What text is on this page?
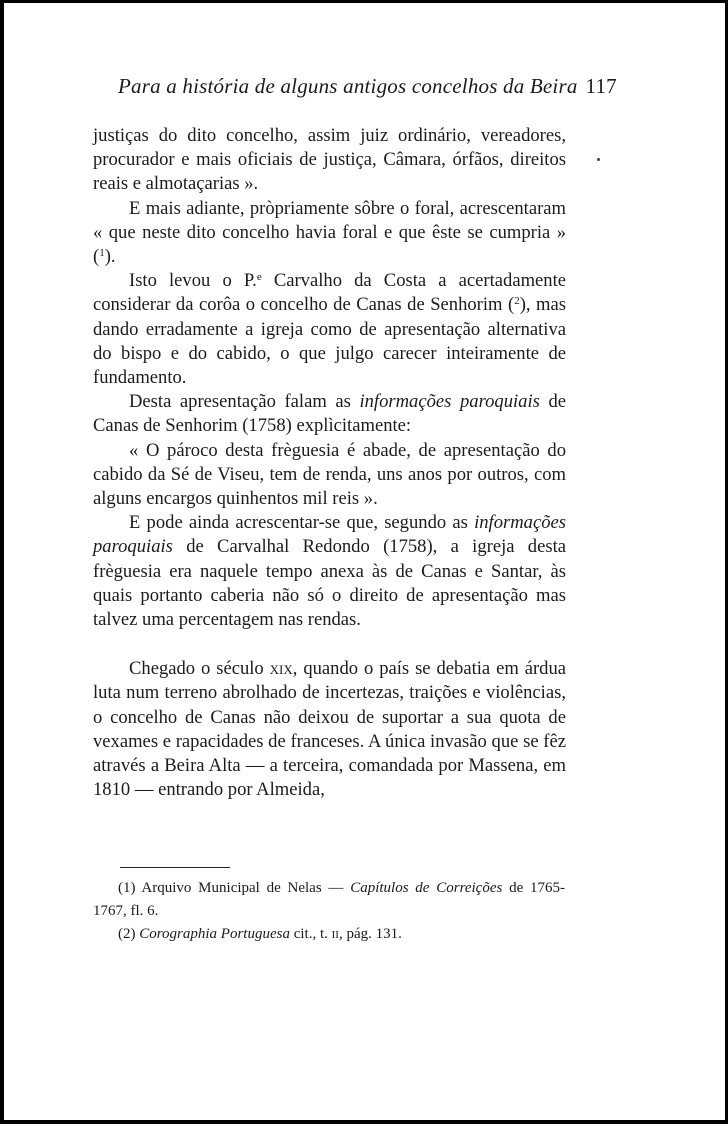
Para a história de alguns antigos concelhos da Beira 117

justiças do dito concelho, assim juiz ordinário, vereadores, procurador e mais oficiais de justiça, Câmara, órfãos, direitos reais e almotaçarias ».

E mais adiante, pròpriamente sôbre o foral, acrescentaram « que neste dito concelho havia foral e que êste se cumpria » ($^1$).

Isto levou o P.$^e$ Carvalho da Costa a acertadamente considerar da corôa o concelho de Canas de Senhorim ($^2$), mas dando erradamente a igreja como de apresentação alternativa do bispo e do cabido, o que julgo carecer inteiramente de fundamento.

Desta apresentação falam as informações paroquiais de Canas de Senhorim (1758) explìcitamente:

« O pároco desta frèguesia é abade, de apresentação do cabido da Sé de Viseu, tem de renda, uns anos por outros, com alguns encargos quinhentos mil reis ».

E pode ainda acrescentar-se que, segundo as informações paroquiais de Carvalhal Redondo (1758), a igreja desta frèguesia era naquele tempo anexa às de Canas e Santar, às quais portanto caberia não só o direito de apresentação mas talvez uma percentagem nas rendas.

Chegado o século xix, quando o país se debatia em árdua luta num terreno abrolhado de incertezas, traições e violências, o concelho de Canas não deixou de suportar a sua quota de vexames e rapacidades de franceses. A única invasão que se fêz através a Beira Alta — a terceira, comandada por Massena, em 1810 — entrando por Almeida,

(1) Arquivo Municipal de Nelas — Capítulos de Correições de 1765-1767, fl. 6.

(2) Corographia Portuguesa cit., t. ii, pág. 131.
